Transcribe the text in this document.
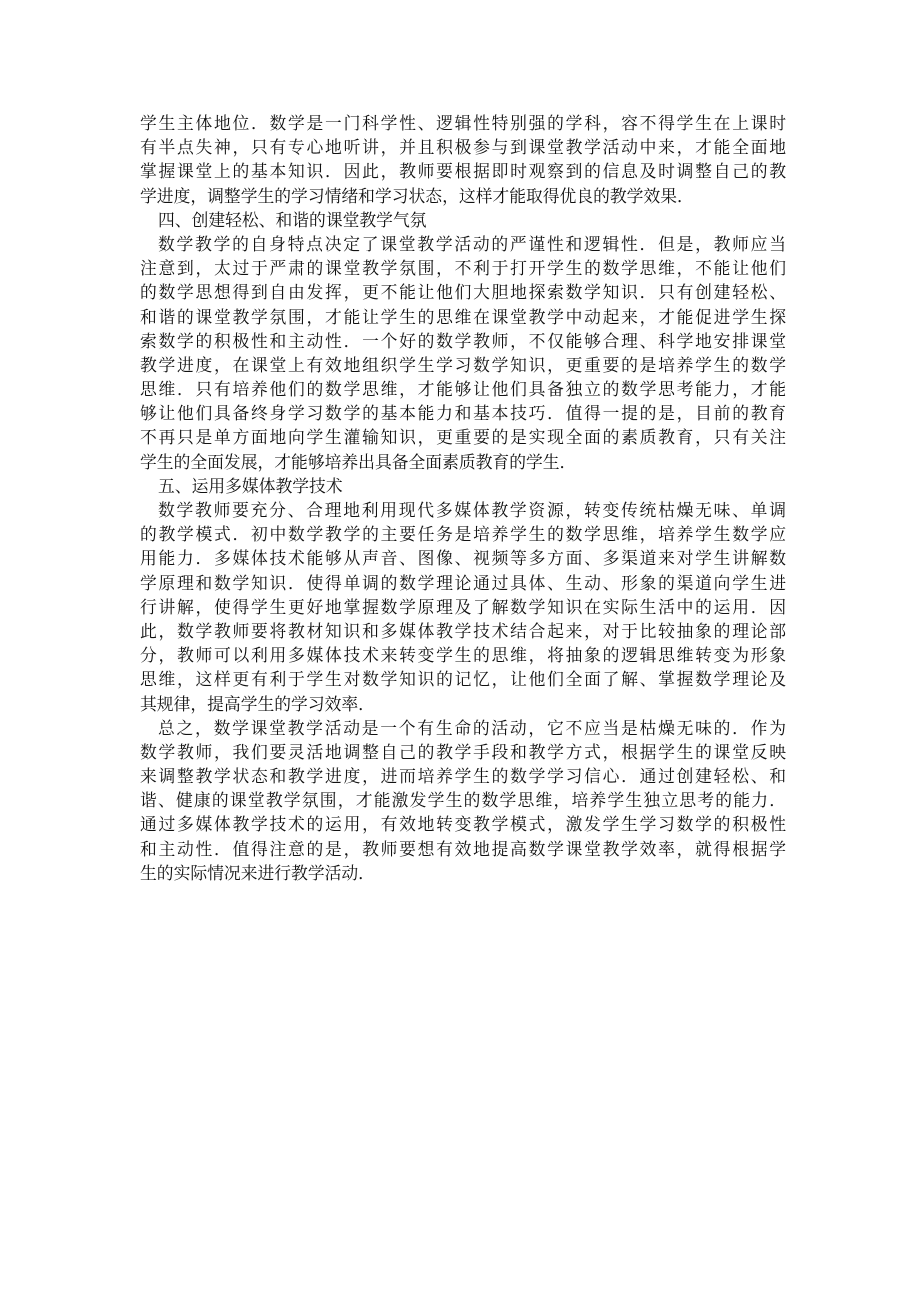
学生主体地位．数学是一门科学性、逻辑性特别强的学科，容不得学生在上课时
有半点失神，只有专心地听讲，并且积极参与到课堂教学活动中来，才能全面地
掌握课堂上的基本知识．因此，教师要根据即时观察到的信息及时调整自己的教
学进度，调整学生的学习情绪和学习状态，这样才能取得优良的教学效果．
四、创建轻松、和谐的课堂教学气氛
数学教学的自身特点决定了课堂教学活动的严谨性和逻辑性．但是，教师应当
注意到，太过于严肃的课堂教学氛围，不利于打开学生的数学思维，不能让他们
的数学思想得到自由发挥，更不能让他们大胆地探索数学知识．只有创建轻松、
和谐的课堂教学氛围，才能让学生的思维在课堂教学中动起来，才能促进学生探
索数学的积极性和主动性．一个好的数学教师，不仅能够合理、科学地安排课堂
教学进度，在课堂上有效地组织学生学习数学知识，更重要的是培养学生的数学
思维．只有培养他们的数学思维，才能够让他们具备独立的数学思考能力，才能
够让他们具备终身学习数学的基本能力和基本技巧．值得一提的是，目前的教育
不再只是单方面地向学生灌输知识，更重要的是实现全面的素质教育，只有关注
学生的全面发展，才能够培养出具备全面素质教育的学生．
五、运用多媒体教学技术
数学教师要充分、合理地利用现代多媒体教学资源，转变传统枯燥无味、单调
的教学模式．初中数学教学的主要任务是培养学生的数学思维，培养学生数学应
用能力．多媒体技术能够从声音、图像、视频等多方面、多渠道来对学生讲解数
学原理和数学知识．使得单调的数学理论通过具体、生动、形象的渠道向学生进
行讲解，使得学生更好地掌握数学原理及了解数学知识在实际生活中的运用．因
此，数学教师要将教材知识和多媒体教学技术结合起来，对于比较抽象的理论部
分，教师可以利用多媒体技术来转变学生的思维，将抽象的逻辑思维转变为形象
思维，这样更有利于学生对数学知识的记忆，让他们全面了解、掌握数学理论及
其规律，提高学生的学习效率．
总之，数学课堂教学活动是一个有生命的活动，它不应当是枯燥无味的．作为
数学教师，我们要灵活地调整自己的教学手段和教学方式，根据学生的课堂反映
来调整教学状态和教学进度，进而培养学生的数学学习信心．通过创建轻松、和
谐、健康的课堂教学氛围，才能激发学生的数学思维，培养学生独立思考的能力．
通过多媒体教学技术的运用，有效地转变教学模式，激发学生学习数学的积极性
和主动性．值得注意的是，教师要想有效地提高数学课堂教学效率，就得根据学
生的实际情况来进行教学活动．
